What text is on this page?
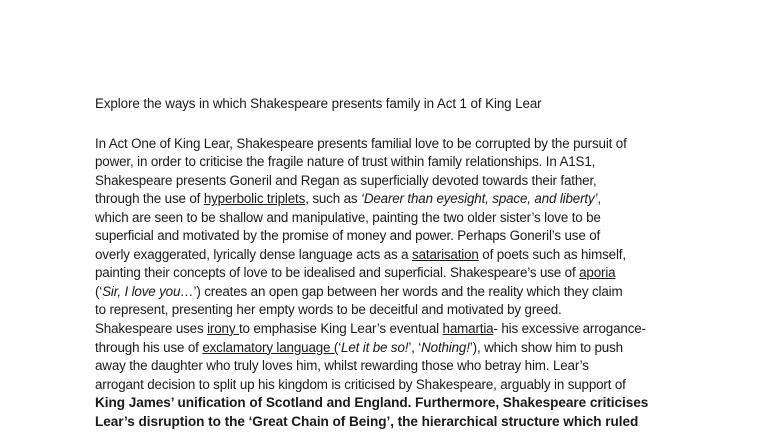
Explore the ways in which Shakespeare presents family in Act 1 of King Lear
In Act One of King Lear, Shakespeare presents familial love to be corrupted by the pursuit of
power, in order to criticise the fragile nature of trust within family relationships. In A1S1,
Shakespeare presents Goneril and Regan as superficially devoted towards their father,
through the use of hyperbolic triplets, such as ‘Dearer than eyesight, space, and liberty’,
which are seen to be shallow and manipulative, painting the two older sister’s love to be
superficial and motivated by the promise of money and power. Perhaps Goneril’s use of
overly exaggerated, lyrically dense language acts as a satarisation of poets such as himself,
painting their concepts of love to be idealised and superficial. Shakespeare’s use of aporia
(‘Sir, I love you…’) creates an open gap between her words and the reality which they claim
to represent, presenting her empty words to be deceitful and motivated by greed.
Shakespeare uses irony to emphasise King Lear’s eventual hamartia- his excessive arrogance-
through his use of exclamatory language (‘Let it be so!’, ‘Nothing!’), which show him to push
away the daughter who truly loves him, whilst rewarding those who betray him. Lear’s
arrogant decision to split up his kingdom is criticised by Shakespeare, arguably in support of
King James’ unification of Scotland and England. Furthermore, Shakespeare criticises
Lear’s disruption to the ‘Great Chain of Being’, the hierarchical structure which ruled
